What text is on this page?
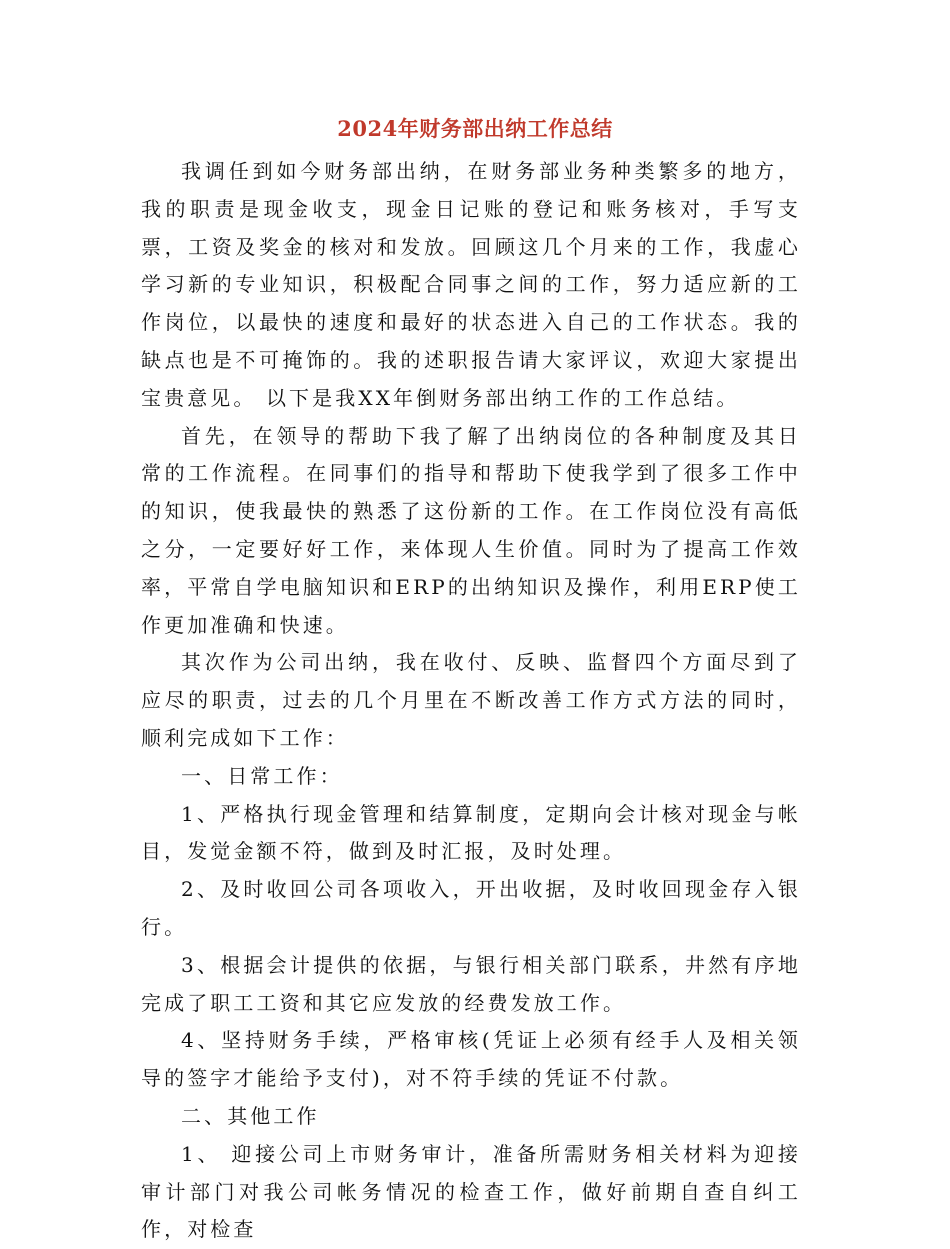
2024年财务部出纳工作总结

我调任到如今财务部出纳，在财务部业务种类繁多的地方，我的职责是现金收支，现金日记账的登记和账务核对，手写支票，工资及奖金的核对和发放。回顾这几个月来的工作，我虚心学习新的专业知识，积极配合同事之间的工作，努力适应新的工作岗位，以最快的速度和最好的状态进入自己的工作状态。我的缺点也是不可掩饰的。我的述职报告请大家评议，欢迎大家提出宝贵意见。 以下是我XX年倒财务部出纳工作的工作总结。

首先，在领导的帮助下我了解了出纳岗位的各种制度及其日常的工作流程。在同事们的指导和帮助下使我学到了很多工作中的知识，使我最快的熟悉了这份新的工作。在工作岗位没有高低之分，一定要好好工作，来体现人生价值。同时为了提高工作效率，平常自学电脑知识和ERP的出纳知识及操作，利用ERP使工作更加准确和快速。

其次作为公司出纳，我在收付、反映、监督四个方面尽到了应尽的职责，过去的几个月里在不断改善工作方式方法的同时，顺利完成如下工作：

一、日常工作：

1、严格执行现金管理和结算制度，定期向会计核对现金与帐目，发觉金额不符，做到及时汇报，及时处理。

2、及时收回公司各项收入，开出收据，及时收回现金存入银行。

3、根据会计提供的依据，与银行相关部门联系，井然有序地完成了职工工资和其它应发放的经费发放工作。

4、坚持财务手续，严格审核(凭证上必须有经手人及相关领导的签字才能给予支付)，对不符手续的凭证不付款。

二、其他工作

1、 迎接公司上市财务审计，准备所需财务相关材料为迎接审计部门对我公司帐务情况的检查工作，做好前期自查自纠工作，对检查
